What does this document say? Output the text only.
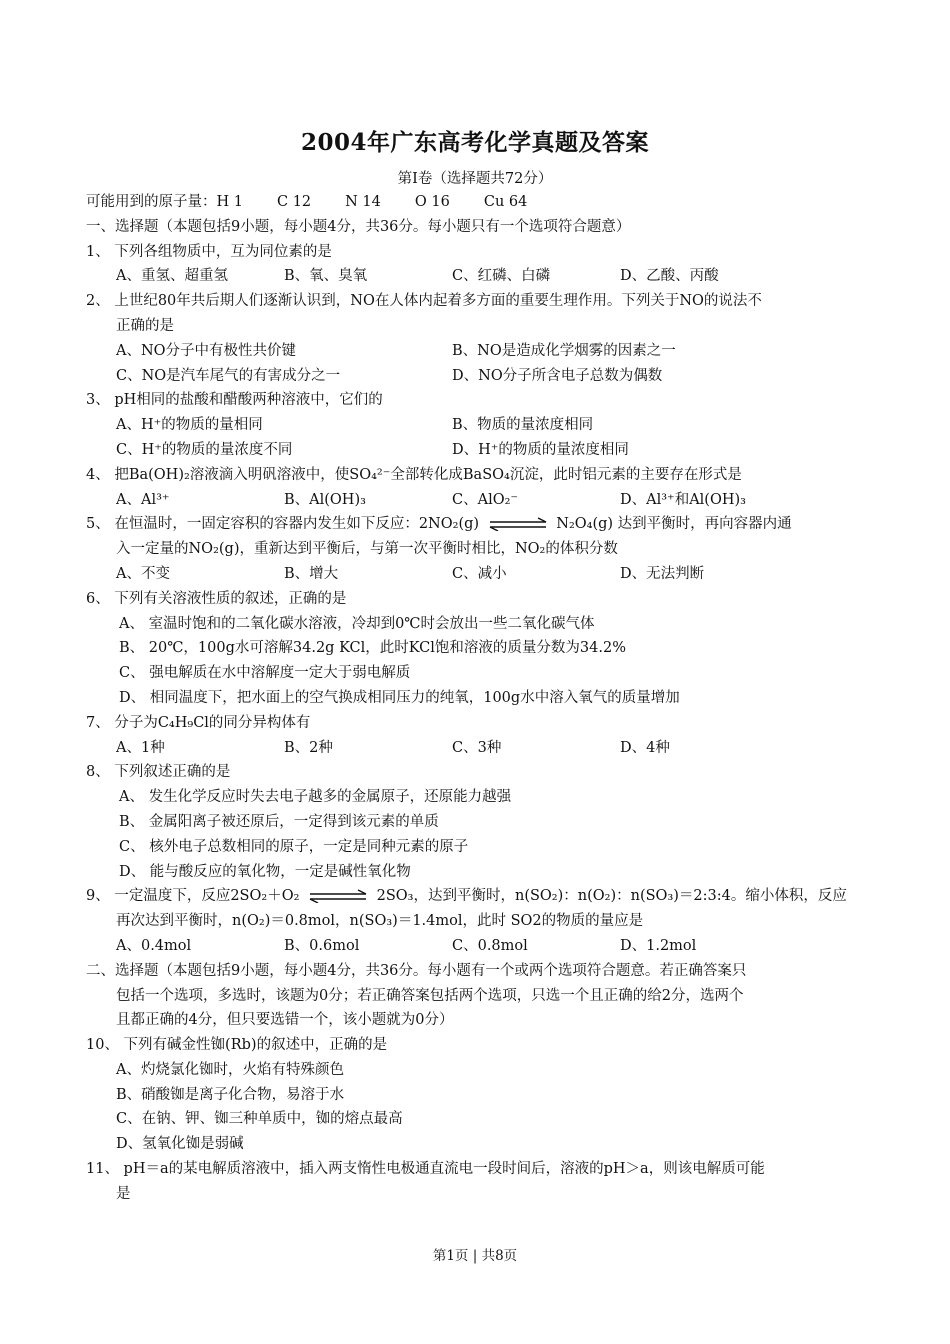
2004年广东高考化学真题及答案
第Ⅰ卷（选择题共72分）
可能用到的原子量：H 1 C 12 N 14 O 16 Cu 64
一、选择题（本题包括9小题，每小题4分，共36分。每小题只有一个选项符合题意）
1、 下列各组物质中，互为同位素的是
A、重氢、超重氢	B、氧、臭氧	C、红磷、白磷	D、乙酸、丙酸
2、 上世纪80年共后期人们逐渐认识到，NO在人体内起着多方面的重要生理作用。下列关于NO的说法不
正确的是
A、NO分子中有极性共价键	B、NO是造成化学烟雾的因素之一
C、NO是汽车尾气的有害成分之一	D、NO分子所含电子总数为偶数
3、 pH相同的盐酸和醋酸两种溶液中，它们的
A、H⁺的物质的量相同	B、物质的量浓度相同
C、H⁺的物质的量浓度不同	D、H⁺的物质的量浓度相同
4、 把Ba(OH)₂溶液滴入明矾溶液中，使SO₄²⁻全部转化成BaSO₄沉淀，此时铝元素的主要存在形式是
A、Al³⁺	B、Al(OH)₃	C、AlO₂⁻	D、Al³⁺和Al(OH)₃
5、 在恒温时，一固定容积的容器内发生如下反应：2NO₂(g)	N₂O₄(g) 达到平衡时，再向容器内通
入一定量的NO₂(g)，重新达到平衡后，与第一次平衡时相比，NO₂的体积分数
A、不变	B、增大	C、减小	D、无法判断
6、 下列有关溶液性质的叙述，正确的是
A、 室温时饱和的二氧化碳水溶液，冷却到0℃时会放出一些二氧化碳气体
B、 20℃，100g水可溶解34.2g KCl，此时KCl饱和溶液的质量分数为34.2%
C、 强电解质在水中溶解度一定大于弱电解质
D、 相同温度下，把水面上的空气换成相同压力的纯氧，100g水中溶入氧气的质量增加
7、 分子为C₄H₉Cl的同分异构体有
A、1种	B、2种	C、3种	D、4种
8、 下列叙述正确的是
A、 发生化学反应时失去电子越多的金属原子，还原能力越强
B、 金属阳离子被还原后，一定得到该元素的单质
C、 核外电子总数相同的原子，一定是同种元素的原子
D、 能与酸反应的氧化物，一定是碱性氧化物
9、 一定温度下，反应2SO₂＋O₂	2SO₃，达到平衡时，n(SO₂)：n(O₂)：n(SO₃)＝2:3:4。缩小体积，反应
再次达到平衡时，n(O₂)＝0.8mol，n(SO₃)＝1.4mol，此时 SO2的物质的量应是
A、0.4mol	B、0.6mol	C、0.8mol	D、1.2mol
二、选择题（本题包括9小题，每小题4分，共36分。每小题有一个或两个选项符合题意。若正确答案只
包括一个选项，多选时，该题为0分；若正确答案包括两个选项，只选一个且正确的给2分，选两个
且都正确的4分，但只要选错一个，该小题就为0分）
10、 下列有碱金性铷(Rb)的叙述中，正确的是
A、灼烧氯化铷时，火焰有特殊颜色
B、硝酸铷是离子化合物，易溶于水
C、在钠、钾、铷三种单质中，铷的熔点最高
D、氢氧化铷是弱碱
11、 pH＝a的某电解质溶液中，插入两支惰性电极通直流电一段时间后，溶液的pH＞a，则该电解质可能
是
第1页 | 共8页
